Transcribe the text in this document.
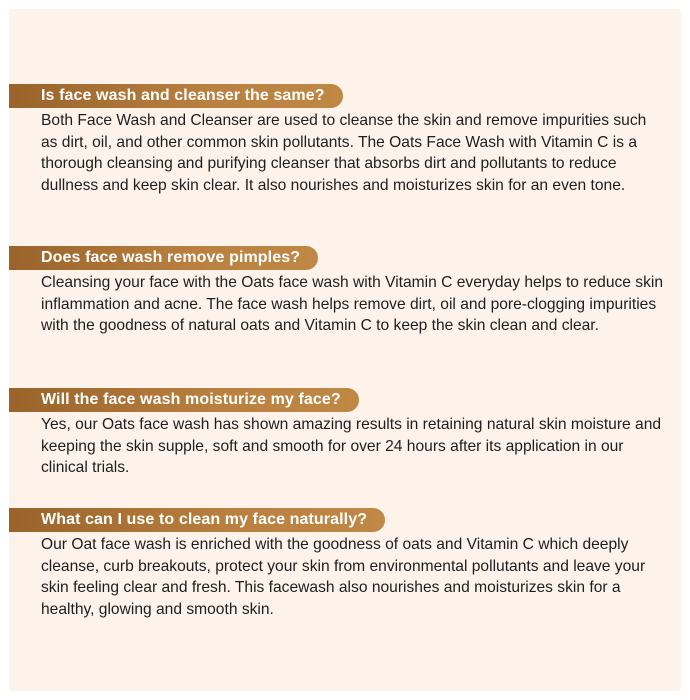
Is face wash and cleanser the same?
Both Face Wash and Cleanser are used to cleanse the skin and remove impurities such as dirt, oil, and other common skin pollutants. The Oats Face Wash with Vitamin C is a thorough cleansing and purifying cleanser that absorbs dirt and pollutants to reduce dullness and keep skin clear. It also nourishes and moisturizes skin for an even tone.
Does face wash remove pimples?
Cleansing your face with the Oats face wash with Vitamin C everyday helps to reduce skin inflammation and acne. The face wash helps remove dirt, oil and pore-clogging impurities with the goodness of natural oats and Vitamin C to keep the skin clean and clear.
Will the face wash moisturize my face?
Yes, our Oats face wash has shown amazing results in retaining natural skin moisture and keeping the skin supple, soft and smooth for over 24 hours after its application in our clinical trials.
What can I use to clean my face naturally?
Our Oat face wash is enriched with the goodness of oats and Vitamin C which deeply cleanse, curb breakouts, protect your skin from environmental pollutants and leave your skin feeling clear and fresh. This facewash also nourishes and moisturizes skin for a healthy, glowing and smooth skin.
